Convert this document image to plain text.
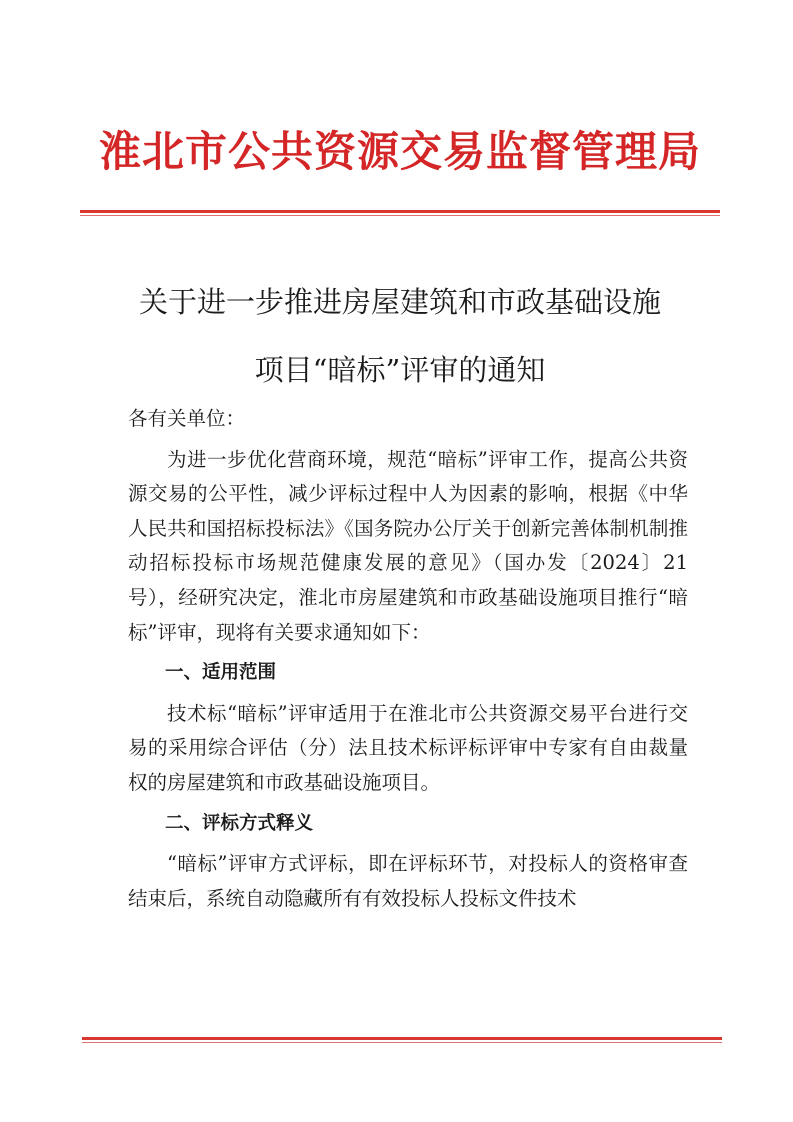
淮北市公共资源交易监督管理局
关于进一步推进房屋建筑和市政基础设施
项目“暗标”评审的通知

各有关单位：

为进一步优化营商环境，规范“暗标”评审工作，提高公共资源交易的公平性，减少评标过程中人为因素的影响，根据《中华人民共和国招标投标法》《国务院办公厅关于创新完善体制机制推动招标投标市场规范健康发展的意见》（国办发〔2024〕21号），经研究决定，淮北市房屋建筑和市政基础设施项目推行“暗标”评审，现将有关要求通知如下：

一、适用范围

技术标“暗标”评审适用于在淮北市公共资源交易平台进行交易的采用综合评估（分）法且技术标评标评审中专家有自由裁量权的房屋建筑和市政基础设施项目。

二、评标方式释义

“暗标”评审方式评标，即在评标环节，对投标人的资格审查结束后，系统自动隐藏所有有效投标人投标文件技术
